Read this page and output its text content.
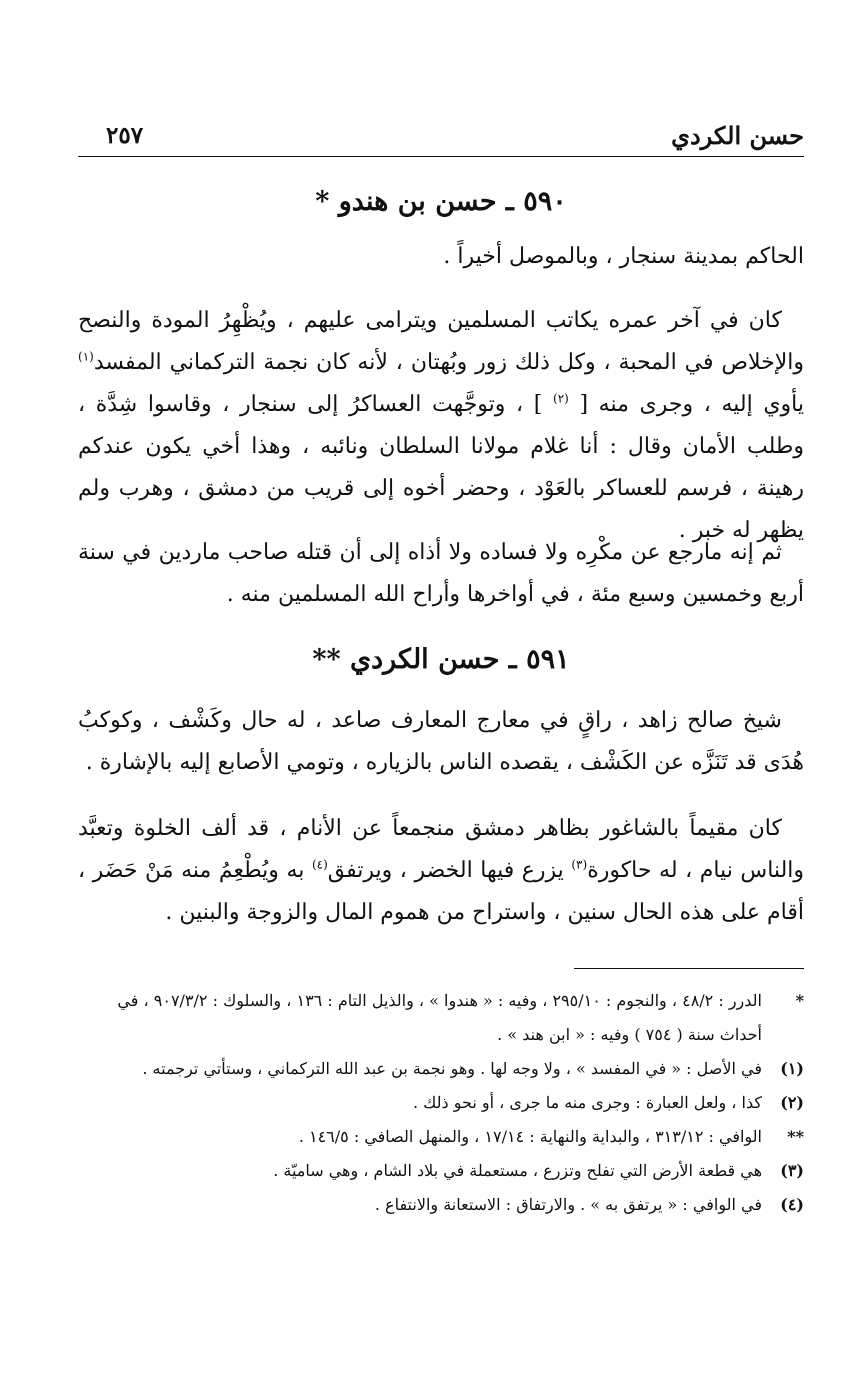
حسن الكردي
٢٥٧
٥٩٠ ـ حسن بن هندو *

الحاكم بمدينة سنجار ، وبالموصل أخيراً .

كان في آخر عمره يكاتب المسلمين ويترامى عليهم ، ويُظْهِرُ المودة والنصح والإخلاص في المحبة ، وكل ذلك زور وبُهتان ، لأنه كان نجمة التركماني المفسد$^{(١)}$ يأوي إليه ، وجرى منه [ $^{(٢)}$ ] ، وتوجَّهت العساكرُ إلى سنجار ، وقاسوا شِدَّة ، وطلب الأمان وقال : أنا غلام مولانا السلطان ونائبه ، وهذا أخي يكون عندكم رهينة ، فرسم للعساكر بالعَوْد ، وحضر أخوه إلى قريب من دمشق ، وهرب ولم يظهر له خبر .

ثم إنه مارجع عن مكْرِه ولا فساده ولا أذاه إلى أن قتله صاحب ماردين في سنة أربع وخمسين وسبع مئة ، في أواخرها وأراح الله المسلمين منه .

٥٩١ ـ حسن الكردي **

شيخ صالح زاهد ، راقٍ في معارج المعارف صاعد ، له حال وكَشْف ، وكوكبُ هُدَى قد تَنَزَّه عن الكَشْف ، يقصده الناس بالزياره ، وتومي الأصابع إليه بالإشارة .

كان مقيماً بالشاغور بظاهر دمشق منجمعاً عن الأنام ، قد ألف الخلوة وتعبَّد والناس نيام ، له حاكورة$^{(٣)}$ يزرع فيها الخضر ، ويرتفق$^{(٤)}$ به ويُطْعِمُ منه مَنْ حَضَر ، أقام على هذه الحال سنين ، واستراح من هموم المال والزوجة والبنين .

*
الدرر : ٤٨/٢ ، والنجوم : ٢٩٥/١٠ ، وفيه : « هندوا » ، والذيل التام : ١٣٦ ، والسلوك : ٩٠٧/٣/٢ ، في أحداث سنة ( ٧٥٤ ) وفيه : « ابن هند » .
(١)
في الأصل : « في المفسد » ، ولا وجه لها . وهو نجمة بن عبد الله التركماني ، وستأتي ترجمته .
(٢)
كذا ، ولعل العبارة : وجرى منه ما جرى ، أو نحو ذلك .
**
الوافي : ٣١٣/١٢ ، والبداية والنهاية : ١٧/١٤ ، والمنهل الصافي : ١٤٦/٥ .
(٣)
هي قطعة الأرض التي تفلح وتزرع ، مستعملة في بلاد الشام ، وهي ساميّة .
(٤)
في الوافي : « يرتفق به » . والارتفاق : الاستعانة والانتفاع .
